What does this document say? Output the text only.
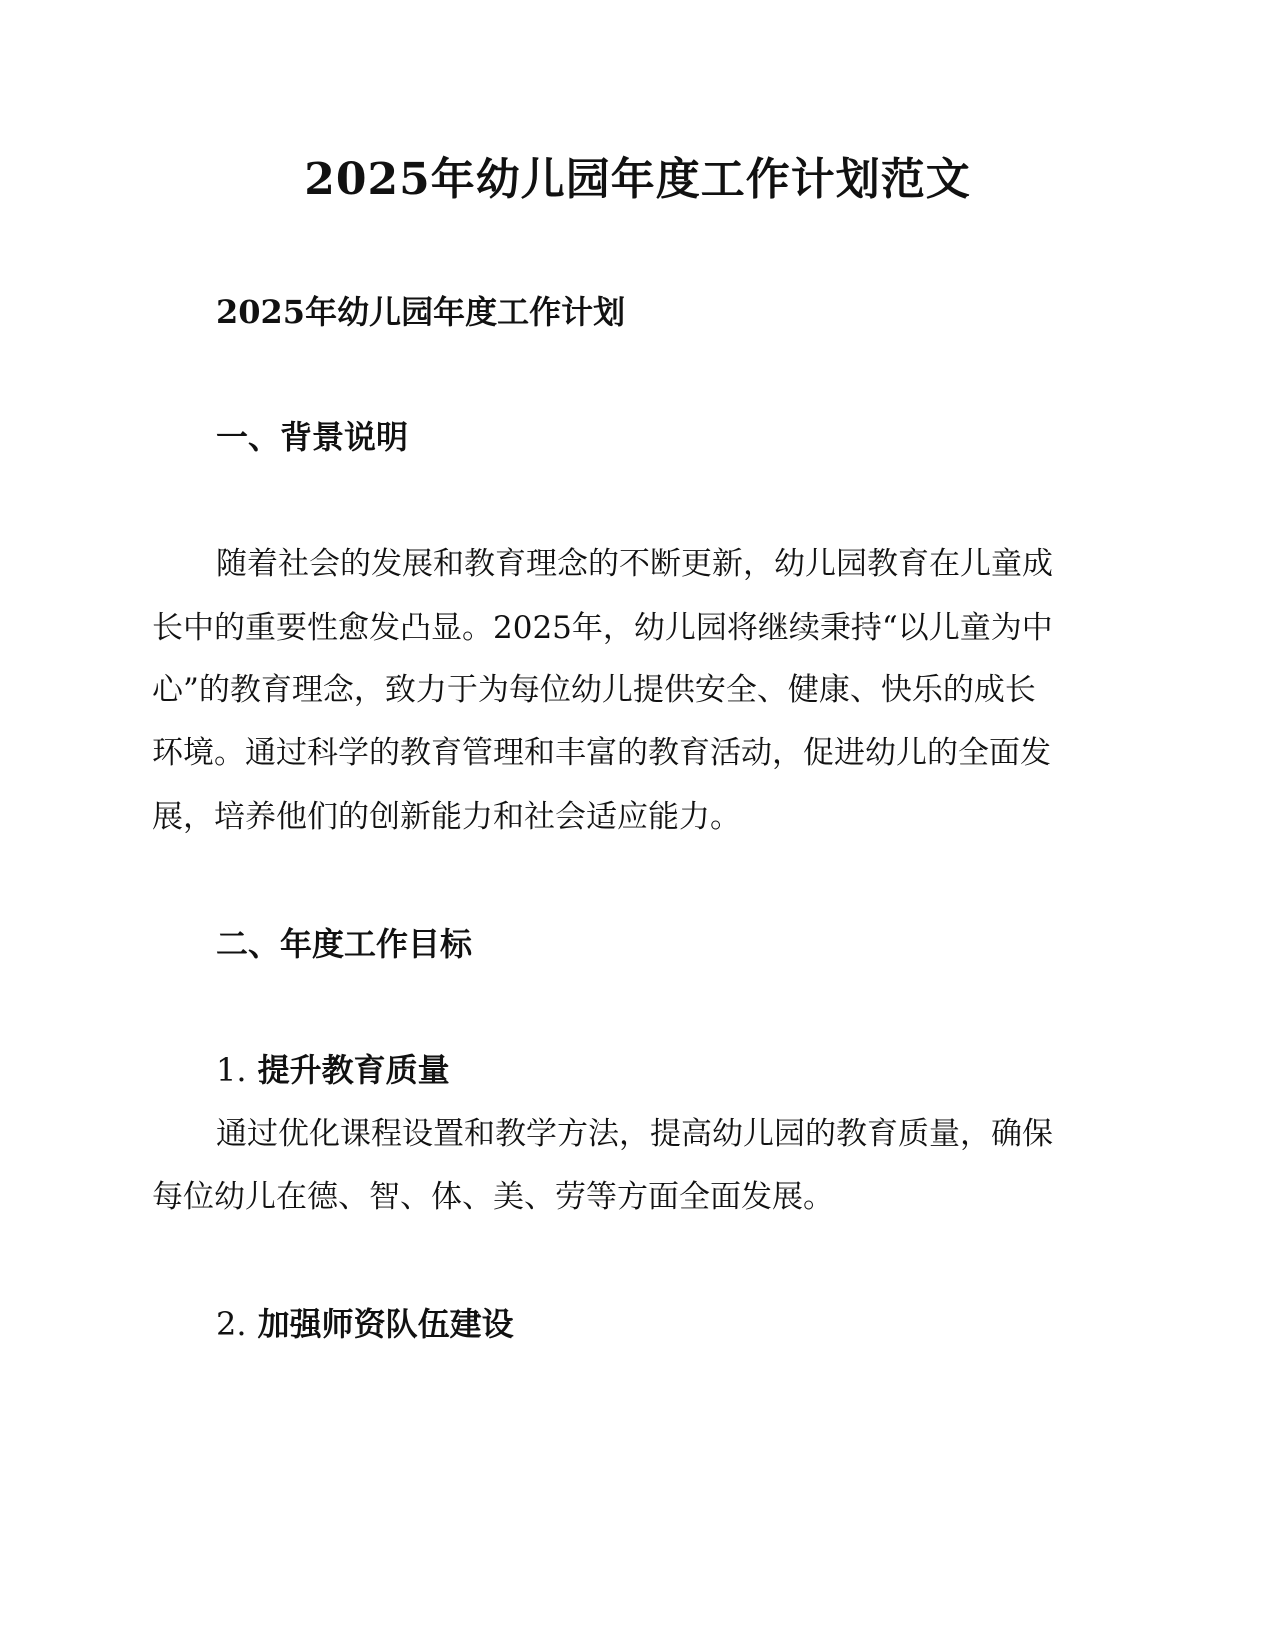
2025年幼儿园年度工作计划范文
2025年幼儿园年度工作计划
一、背景说明
随着社会的发展和教育理念的不断更新，幼儿园教育在儿童成
长中的重要性愈发凸显。2025年，幼儿园将继续秉持“以儿童为中
心”的教育理念，致力于为每位幼儿提供安全、健康、快乐的成长
环境。通过科学的教育管理和丰富的教育活动，促进幼儿的全面发
展，培养他们的创新能力和社会适应能力。
二、年度工作目标
1. 提升教育质量
通过优化课程设置和教学方法，提高幼儿园的教育质量，确保
每位幼儿在德、智、体、美、劳等方面全面发展。
2. 加强师资队伍建设
